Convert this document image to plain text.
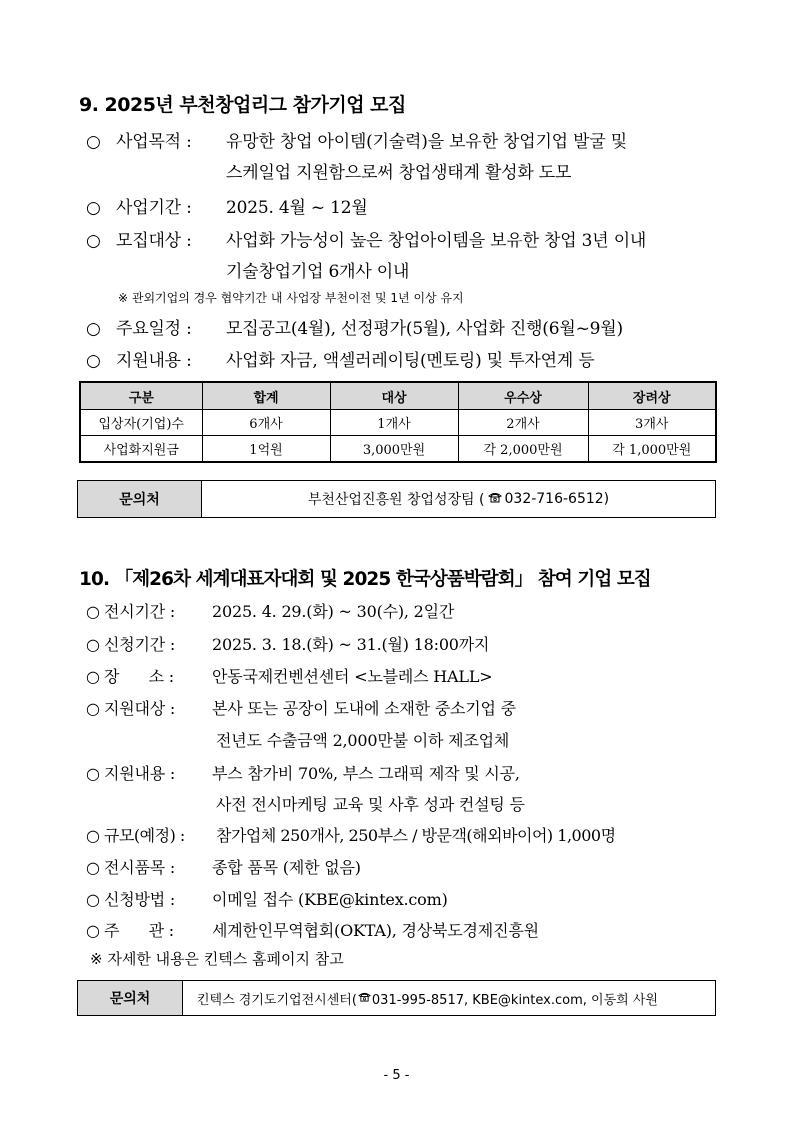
9. 2025년 부천창업리그 참가기업 모집
○ 사업목적 : 유망한 창업 아이템(기술력)을 보유한 창업기업 발굴 및
스케일업 지원함으로써 창업생태계 활성화 도모
○ 사업기간 : 2025. 4월 ~ 12월
○ 모집대상 : 사업화 가능성이 높은 창업아이템을 보유한 창업 3년 이내
기술창업기업 6개사 이내
※ 관외기업의 경우 협약기간 내 사업장 부천이전 및 1년 이상 유지
○ 주요일정 : 모집공고(4월), 선정평가(5월), 사업화 진행(6월~9월)
○ 지원내용 : 사업화 자금, 액셀러레이팅(멘토링) 및 투자연계 등
구분	합계	대상	우수상	장려상
입상자(기업)수	6개사	1개사	2개사	3개사
사업화지원금	1억원	3,000만원	각 2,000만원	각 1,000만원
문의처	부천산업진흥원 창업성장팀 ( 032-716-6512)
10. 「제26차 세계대표자대회 및 2025 한국상품박람회」 참여 기업 모집
○ 전시기간 : 2025. 4. 29.(화) ~ 30(수), 2일간
○ 신청기간 : 2025. 3. 18.(화) ~ 31.(월) 18:00까지
○ 장      소 : 안동국제컨벤션센터 <노블레스 HALL>
○ 지원대상 : 본사 또는 공장이 도내에 소재한 중소기업 중
전년도 수출금액 2,000만불 이하 제조업체
○ 지원내용 : 부스 참가비 70%, 부스 그래픽 제작 및 시공,
사전 전시마케팅 교육 및 사후 성과 컨설팅 등
○ 규모(예정) : 참가업체 250개사, 250부스 / 방문객(해외바이어) 1,000명
○ 전시품목 : 종합 품목 (제한 없음)
○ 신청방법 : 이메일 접수 (KBE@kintex.com)
○ 주      관 : 세계한인무역협회(OKTA), 경상북도경제진흥원
※ 자세한 내용은 킨텍스 홈페이지 참고
문의처	킨텍스 경기도기업전시센터( 031-995-8517, KBE@kintex.com, 이동희 사원
- 5 -
